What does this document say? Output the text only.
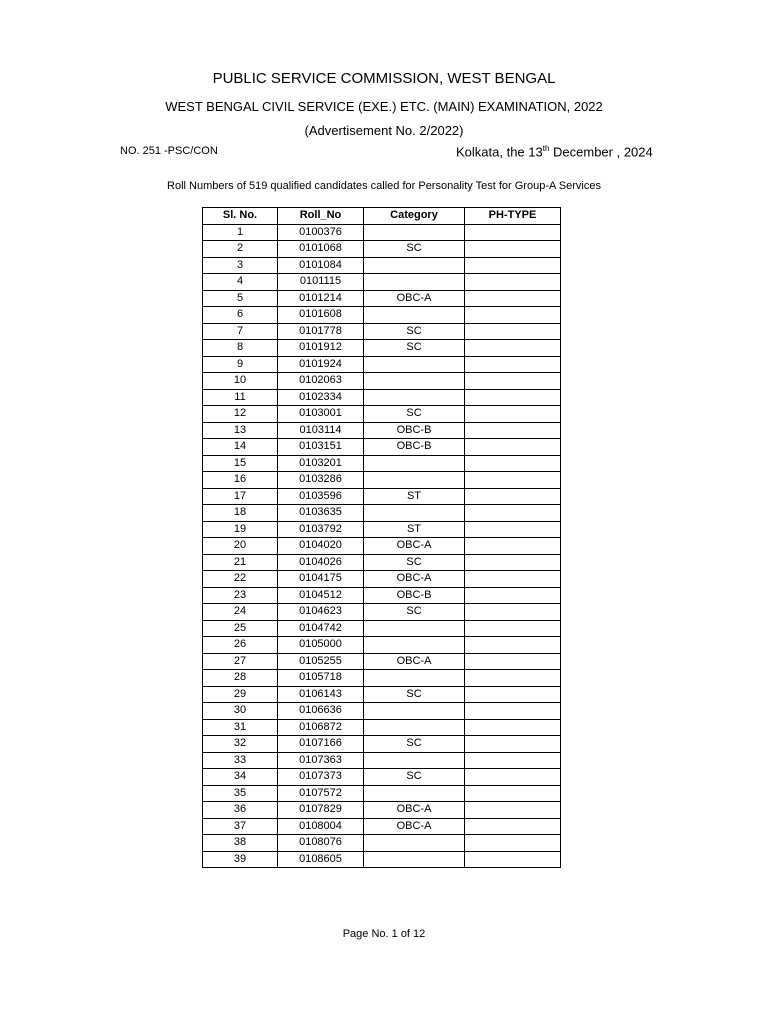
PUBLIC SERVICE COMMISSION, WEST BENGAL
WEST BENGAL CIVIL SERVICE (EXE.) ETC. (MAIN) EXAMINATION, 2022
(Advertisement No. 2/2022)
NO. 251 -PSC/CON	Kolkata, the 13th December , 2024
Roll Numbers of 519 qualified candidates called for Personality Test for Group-A Services
Sl. No.	Roll_No	Category	PH-TYPE
1	0100376		
2	0101068	SC	
3	0101084		
4	0101115		
5	0101214	OBC-A	
6	0101608		
7	0101778	SC	
8	0101912	SC	
9	0101924		
10	0102063		
11	0102334		
12	0103001	SC	
13	0103114	OBC-B	
14	0103151	OBC-B	
15	0103201		
16	0103286		
17	0103596	ST	
18	0103635		
19	0103792	ST	
20	0104020	OBC-A	
21	0104026	SC	
22	0104175	OBC-A	
23	0104512	OBC-B	
24	0104623	SC	
25	0104742		
26	0105000		
27	0105255	OBC-A	
28	0105718		
29	0106143	SC	
30	0106636		
31	0106872		
32	0107166	SC	
33	0107363		
34	0107373	SC	
35	0107572		
36	0107829	OBC-A	
37	0108004	OBC-A	
38	0108076		
39	0108605		
Page No. 1 of 12
